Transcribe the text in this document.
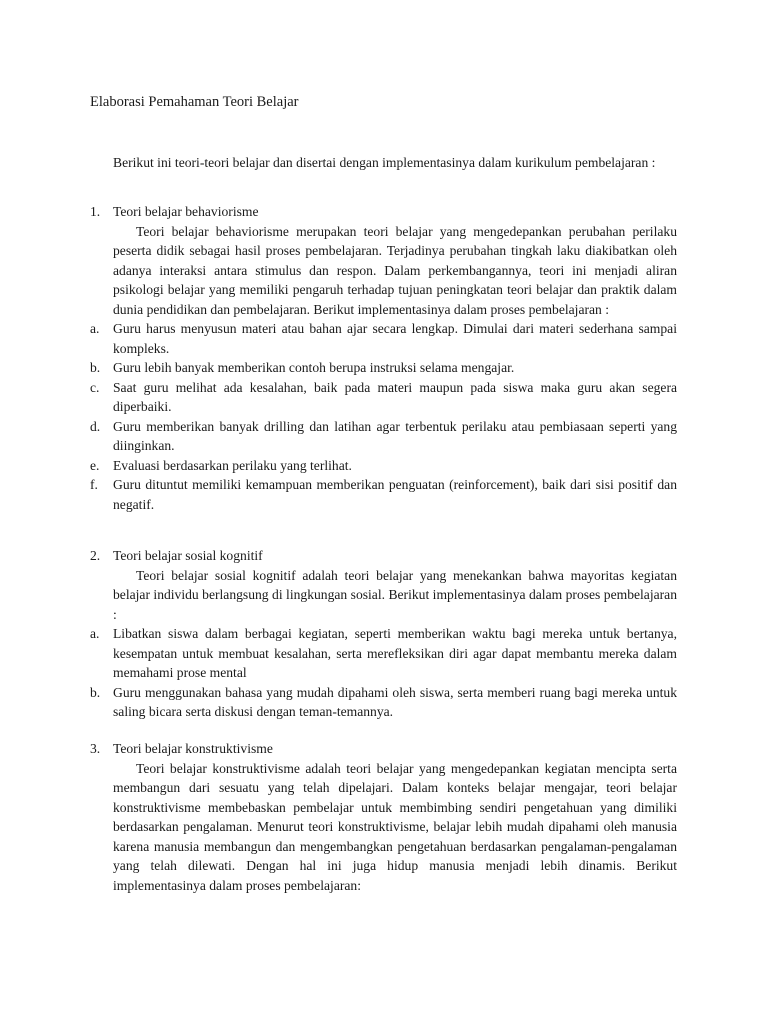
Elaborasi Pemahaman Teori Belajar

Berikut ini teori-teori belajar dan disertai dengan implementasinya dalam kurikulum pembelajaran :

1. Teori belajar behaviorisme

Teori belajar behaviorisme merupakan teori belajar yang mengedepankan perubahan perilaku peserta didik sebagai hasil proses pembelajaran. Terjadinya perubahan tingkah laku diakibatkan oleh adanya interaksi antara stimulus dan respon. Dalam perkembangannya, teori ini menjadi aliran psikologi belajar yang memiliki pengaruh terhadap tujuan peningkatan teori belajar dan praktik dalam dunia pendidikan dan pembelajaran. Berikut implementasinya dalam proses pembelajaran :

a. Guru harus menyusun materi atau bahan ajar secara lengkap. Dimulai dari materi sederhana sampai kompleks.
b. Guru lebih banyak memberikan contoh berupa instruksi selama mengajar.
c. Saat guru melihat ada kesalahan, baik pada materi maupun pada siswa maka guru akan segera diperbaiki.
d. Guru memberikan banyak drilling dan latihan agar terbentuk perilaku atau pembiasaan seperti yang diinginkan.
e. Evaluasi berdasarkan perilaku yang terlihat.
f.	Guru dituntut memiliki kemampuan memberikan penguatan (reinforcement), baik dari sisi positif dan negatif.
2. Teori belajar sosial kognitif

Teori belajar sosial kognitif adalah teori belajar yang menekankan bahwa mayoritas kegiatan belajar individu berlangsung di lingkungan sosial. Berikut implementasinya dalam proses pembelajaran :

a. Libatkan siswa dalam berbagai kegiatan, seperti memberikan waktu bagi mereka untuk bertanya, kesempatan untuk membuat kesalahan, serta merefleksikan diri agar dapat membantu mereka dalam memahami prose mental
b. Guru menggunakan bahasa yang mudah dipahami oleh siswa, serta memberi ruang bagi mereka untuk saling bicara serta diskusi dengan teman-temannya.
3. Teori belajar konstruktivisme

Teori belajar konstruktivisme adalah teori belajar yang mengedepankan kegiatan mencipta serta membangun dari sesuatu yang telah dipelajari. Dalam konteks belajar mengajar, teori belajar konstruktivisme membebaskan pembelajar untuk membimbing sendiri pengetahuan yang dimiliki berdasarkan pengalaman. Menurut teori konstruktivisme, belajar lebih mudah dipahami oleh manusia karena manusia membangun dan mengembangkan pengetahuan berdasarkan pengalaman-pengalaman yang telah dilewati. Dengan hal ini juga hidup manusia menjadi lebih dinamis. Berikut implementasinya dalam proses pembelajaran:
